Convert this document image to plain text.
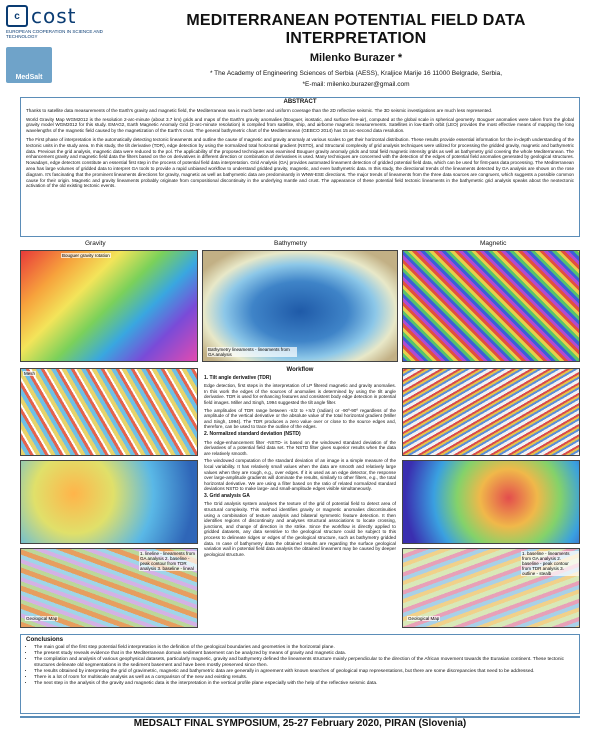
c cost
EUROPEAN COOPERATION IN SCIENCE AND TECHNOLOGY
MedSalt
MEDITERRANEAN POTENTIAL FIELD DATA INTERPRETATION
Milenko Burazer *
* The Academy of Engineering Sciences of Serbia (AESS), Kraljice Marije 16 11000 Belgrade, Serbia,
*E-mail: milenko.burazer@gmail.com
ABSTRACT

Thanks to satellite data measurements of the Earth's gravity and magnetic field, the Mediterranean sea is much better and uniform coverage than the 2D reflective seismic. The 3D seismic investigations are much less represented.

World Gravity Map WGM2012 is the resolution 2-arc-minute (about 3.7 km) grids and maps of the Earth's gravity anomalies (Bouguer, isostatic, and surface free-air), computed at the global scale in spherical geometry. Bouguer anomalies were taken from the global gravity model WGM2012 for this study. EMAG2, Earth Magnetic Anomaly Grid (2-arc-minute resolution) is compiled from satellite, ship, and airborne magnetic measurements. Satellites in low-Earth orbit (LEO) provides the most effective means of mapping the long wavelengths of the magnetic field caused by the magnetization of the Earth's crust. The general bathymetric chart of the Mediterranean (GEBCO 2014) has 15 arc-second data resolution.

The First phase of interpretation is the automatically detecting tectonic lineaments and outline the cause of magnetic and gravity anomaly at various scales to get their horizontal distribution. These results provide essential information for the in-depth understanding of the tectonic units in the study area. In this study, the tilt derivative (TDR), edge detection by using the normalized total horizontal gradient (NSTD), and Structural complexity of grid analysis techniques were utilized for processing the gridded gravity, magnetic and bathymetric data. Previous the grid analysis, magnetic data were reduced to the pol. The applicability of the proposed techniques was examined Bouguer gravity anomaly grids and total field magnetic intensity grids as well as bathymetry grid covering the whole Mediterranean. The enhancement gravity and magnetic field data the filters based on the on derivatives in different direction or combination of derivatives is used. Many techniques are concerned with the detection of the edges of potential field anomalies generated by geological structures. Nowadays, edge detectors constitute an essential first step in the process of potential field data interpretation. Grid Analysis (GA) provides automated lineament detection of gridded potential field data, which can be used for first-pass data processing. The Mediterranean area has large volumes of gridded data to interpret GA tools to provide a rapid unbiased workflow to understand gridded gravity, magnetic, and even bathymetric data. In this study, the directional trends of the lineaments detected by GA analysis are shown on the rose diagram. It's fascinating that the prominent lineaments directions for gravity, magnetic as well as bathymetric data are predominantly in WNW-ESE directions. The major trends of lineaments from the three data sources are congruent, which suggests a possible common cause for their origin. Magnetic and gravity lineaments probably originate from compositional discontinuity in the underlying mantle and crust. The appearance of these potential field tectonic lineaments in the bathymetric grid analysis speaks about the neotectonic activation of the old existing tectonic events.

Gravity	Bathymetry	Magnetic
Bouguer gravity rotation
Mesh
1. lineline - lineaments from GA analysis 2. baseline - peak contour from TDR analysis 3. baseline - lineal
Geological Map
Bathymetry lineaments - lineaments from GA analysis
1. baseline - lineaments from GA analysis 2. baseline - peak contour from TDR analysis 3. outline - stealb
Geological Map
Workflow
1. Tilt angle derivative (TDR)

Edge detection, first steps in the interpretation of LP filtered magnetic and gravity anomalies. In this work the edges of the sources of anomalies is determined by using the tilt angle derivative. TDR is used for enhancing features and consistent body edge detection in potential field images. Miller and Singh, 1994 suggested the tilt angle filter.

The amplitudes of TDR range between -π/2 to +π/2 (radian) or -90º-90º regardless of the amplitude of the vertical derivative or the absolute value of the total horizontal gradient (Miller and Singh, 1994). The TDR produces a zero value over or close to the source edges and, therefore, can be used to trace the outline of the edges.

2. Normalized standard deviation (NSTD)

The edge-enhancement filter -NSTD- is based on the windowed standard deviation of the derivatives of a potential field data set. The NSTD filter gives superior results when the data are relatively smooth.

The windowed computation of the standard deviation of an image is a simple measure of the local variability. It has relatively small values when the data are smooth and relatively large values when they are rough, e.g., over edges. If it is used as an edge detector, the response over large-amplitude gradients will dominate the results, similarly to other filters, e.g., the total horizontal derivative. We are using a filter based on the ratio of related normalized standard deviations NSTD to make large- and small-amplitude edges visible simultaneously.

3. Grid analysis GA

The Grid analysis system analyses the texture of the grid of potential field to detect area of structural complexity. This method identifies gravity or magnetic anomalies discontinuities using a combination of texture analysis and bilateral symmetric feature detection. It then identifies regions of discontinuity and analyses structural associations to locate crossing, junctions, and change of direction in the strike. Since the workflow is directly applied to gridded datasets, any data sensitive to the geological structure could be subject to this process to delineate ridges or edges of the geological structure, such as bathymetry gridded data. In case of bathymetry data the obtained results are regarding the surface geological variation wall in potential field data analysis the obtained lineament may be caused by deeper geological structure.

Conclusions
• The main goal of the first step potential field interpretation is the definition of the geological boundaries and geometries in the horizontal plane.
• The present study reveals evidence that in the Mediterranean domain sediment basement can be analyzed by means of gravity and magnetic data.
• The compilation and analysis of various geophysical datasets, particularly magnetic, gravity and bathymetry defined the lineaments structure mainly perpendicular to the direction of the African movement towards the Eurasian continent. These tectonic structures delineate old segmentations in the sediment basement and have been mostly preserved since then.
• The results obtained by interpreting the grid of gravimetric, magnetic and bathymetric data are generally in agreement with known searches of geological map representations, but there are some discrepancies that need to be addressed.
• There is a lot of room for multiscale analysis as well as a comparison of the new and existing results.
• The next step in the analysis of the gravity and magnetic data is the interpretation in the vertical profile plane especially with the help of the reflective seismic data.
MEDSALT FINAL SYMPOSIUM, 25-27 February 2020, PIRAN (Slovenia)
